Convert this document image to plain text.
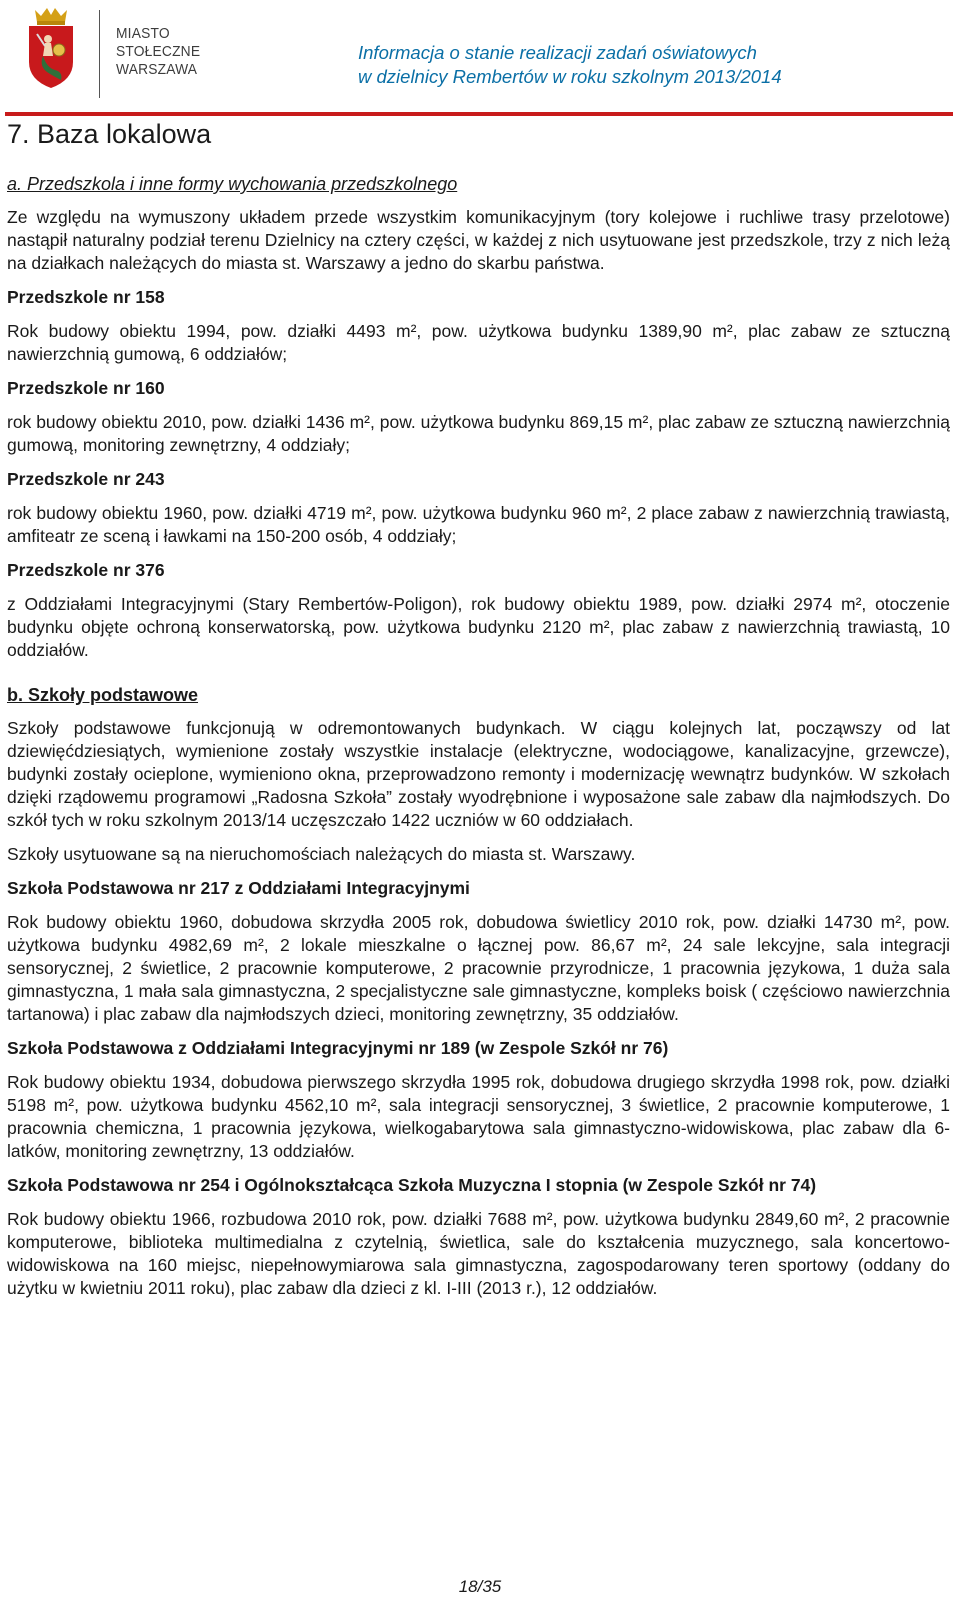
MIASTO
STOŁECZNE
WARSZAWA
Informacja o stanie realizacji zadań oświatowych
w dzielnicy Rembertów w roku szkolnym 2013/2014
7. Baza lokalowa
a. Przedszkola i inne formy wychowania przedszkolnego

Ze względu na wymuszony układem przede wszystkim komunikacyjnym (tory kolejowe i ruchliwe trasy przelotowe) nastąpił naturalny podział terenu Dzielnicy na cztery części, w każdej z nich usytuowane jest przedszkole, trzy z nich leżą na działkach należących do miasta st. Warszawy a jedno do skarbu państwa.

Przedszkole nr 158

Rok budowy obiektu 1994, pow. działki 4493 m², pow. użytkowa budynku 1389,90 m², plac zabaw ze sztuczną nawierzchnią gumową, 6 oddziałów;

Przedszkole nr 160

rok budowy obiektu 2010, pow. działki 1436 m², pow. użytkowa budynku 869,15 m², plac zabaw ze sztuczną nawierzchnią gumową, monitoring zewnętrzny, 4 oddziały;

Przedszkole nr 243

rok budowy obiektu 1960, pow. działki 4719 m², pow. użytkowa budynku 960 m², 2 place zabaw z nawierzchnią trawiastą, amfiteatr ze sceną i ławkami na 150-200 osób, 4 oddziały;

Przedszkole nr 376

z Oddziałami Integracyjnymi (Stary Rembertów-Poligon), rok budowy obiektu 1989, pow. działki 2974 m², otoczenie budynku objęte ochroną konserwatorską, pow. użytkowa budynku 2120 m², plac zabaw z nawierzchnią trawiastą, 10 oddziałów.

b. Szkoły podstawowe

Szkoły podstawowe funkcjonują w odremontowanych budynkach. W ciągu kolejnych lat, począwszy od lat dziewięćdziesiątych, wymienione zostały wszystkie instalacje (elektryczne, wodociągowe, kanalizacyjne, grzewcze), budynki zostały ocieplone, wymieniono okna, przeprowadzono remonty i modernizację wewnątrz budynków. W szkołach dzięki rządowemu programowi „Radosna Szkoła” zostały wyodrębnione i wyposażone sale zabaw dla najmłodszych. Do szkół tych w roku szkolnym 2013/14 uczęszczało 1422 uczniów w 60 oddziałach.

Szkoły usytuowane są na nieruchomościach należących do miasta st. Warszawy.

Szkoła Podstawowa nr 217 z Oddziałami Integracyjnymi

Rok budowy obiektu 1960, dobudowa skrzydła 2005 rok, dobudowa świetlicy 2010 rok, pow. działki 14730 m², pow. użytkowa budynku 4982,69 m², 2 lokale mieszkalne o łącznej pow. 86,67 m², 24 sale lekcyjne, sala integracji sensorycznej, 2 świetlice, 2 pracownie komputerowe, 2 pracownie przyrodnicze, 1 pracownia językowa, 1 duża sala gimnastyczna, 1 mała sala gimnastyczna, 2 specjalistyczne sale gimnastyczne, kompleks boisk ( częściowo nawierzchnia tartanowa) i plac zabaw dla najmłodszych dzieci, monitoring zewnętrzny, 35 oddziałów.

Szkoła Podstawowa z Oddziałami Integracyjnymi nr 189 (w Zespole Szkół nr 76)

Rok budowy obiektu 1934, dobudowa pierwszego skrzydła 1995 rok, dobudowa drugiego skrzydła 1998 rok, pow. działki 5198 m², pow. użytkowa budynku 4562,10 m², sala integracji sensorycznej, 3 świetlice, 2 pracownie komputerowe, 1 pracownia chemiczna, 1 pracownia językowa, wielkogabarytowa sala gimnastyczno-widowiskowa, plac zabaw dla 6-latków, monitoring zewnętrzny, 13 oddziałów.

Szkoła Podstawowa nr 254 i Ogólnokształcąca Szkoła Muzyczna I stopnia (w Zespole Szkół nr 74)

Rok budowy obiektu 1966, rozbudowa 2010 rok, pow. działki 7688 m², pow. użytkowa budynku 2849,60 m², 2 pracownie komputerowe, biblioteka multimedialna z czytelnią, świetlica, sale do kształcenia muzycznego, sala koncertowo-widowiskowa na 160 miejsc, niepełnowymiarowa sala gimnastyczna, zagospodarowany teren sportowy (oddany do użytku w kwietniu 2011 roku), plac zabaw dla dzieci z kl. I-III (2013 r.), 12 oddziałów.

18/35
